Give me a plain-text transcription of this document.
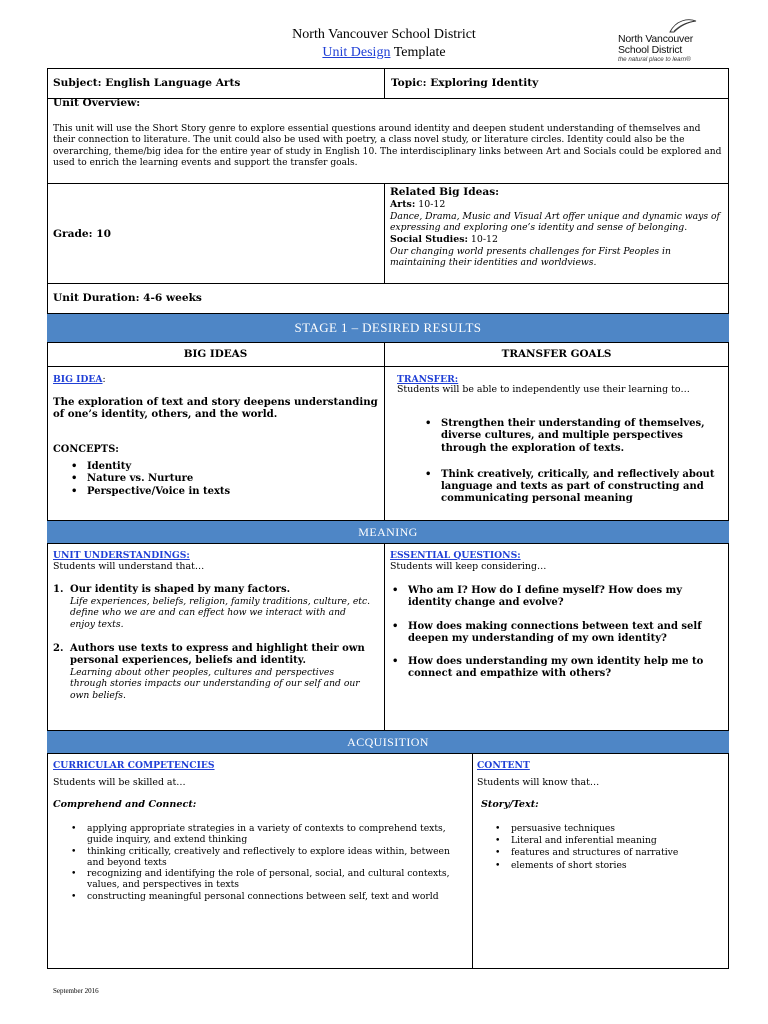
North Vancouver School District
Unit Design Template
North Vancouver
School District
the natural place to learn®
Subject: English Language Arts	Topic: Exploring Identity
Unit Overview:
This unit will use the Short Story genre to explore essential questions around identity and deepen student understanding of themselves and their connection to literature. The unit could also be used with poetry, a class novel study, or literature circles. Identity could also be the overarching, theme/big idea for the entire year of study in English 10. The interdisciplinary links between Art and Socials could be explored and used to enrich the learning events and support the transfer goals.
Grade: 10
Related Big Ideas:
Arts: 10-12
Dance, Drama, Music and Visual Art offer unique and dynamic ways of expressing and exploring one’s identity and sense of belonging.
Social Studies: 10-12
Our changing world presents challenges for First Peoples in maintaining their identities and worldviews.
Unit Duration: 4-6 weeks
STAGE 1 – DESIRED RESULTS
BIG IDEAS	TRANSFER GOALS
BIG IDEA:
The exploration of text and story deepens understanding of one’s identity, others, and the world.
CONCEPTS:
• Identity
• Nature vs. Nurture
• Perspective/Voice in texts
TRANSFER:
Students will be able to independently use their learning to…
• Strengthen their understanding of themselves, diverse cultures, and multiple perspectives through the exploration of texts.
• Think creatively, critically, and reflectively about language and texts as part of constructing and communicating personal meaning
MEANING
UNIT UNDERSTANDINGS:
Students will understand that…
1. Our identity is shaped by many factors.
Life experiences, beliefs, religion, family traditions, culture, etc. define who we are and can effect how we interact with and enjoy texts.
2. Authors use texts to express and highlight their own personal experiences, beliefs and identity.
Learning about other peoples, cultures and perspectives through stories impacts our understanding of our self and our own beliefs.
ESSENTIAL QUESTIONS:
Students will keep considering…
• Who am I? How do I define myself? How does my identity change and evolve?
• How does making connections between text and self deepen my understanding of my own identity?
• How does understanding my own identity help me to connect and empathize with others?
ACQUISITION
CURRICULAR COMPETENCIES
Students will be skilled at…
Comprehend and Connect:
• applying appropriate strategies in a variety of contexts to comprehend texts, guide inquiry, and extend thinking
• thinking critically, creatively and reflectively to explore ideas within, between and beyond texts
• recognizing and identifying the role of personal, social, and cultural contexts, values, and perspectives in texts
• constructing meaningful personal connections between self, text and world
CONTENT
Students will know that…
Story/Text:
• persuasive techniques
• Literal and inferential meaning
• features and structures of narrative
• elements of short stories
September 2016
